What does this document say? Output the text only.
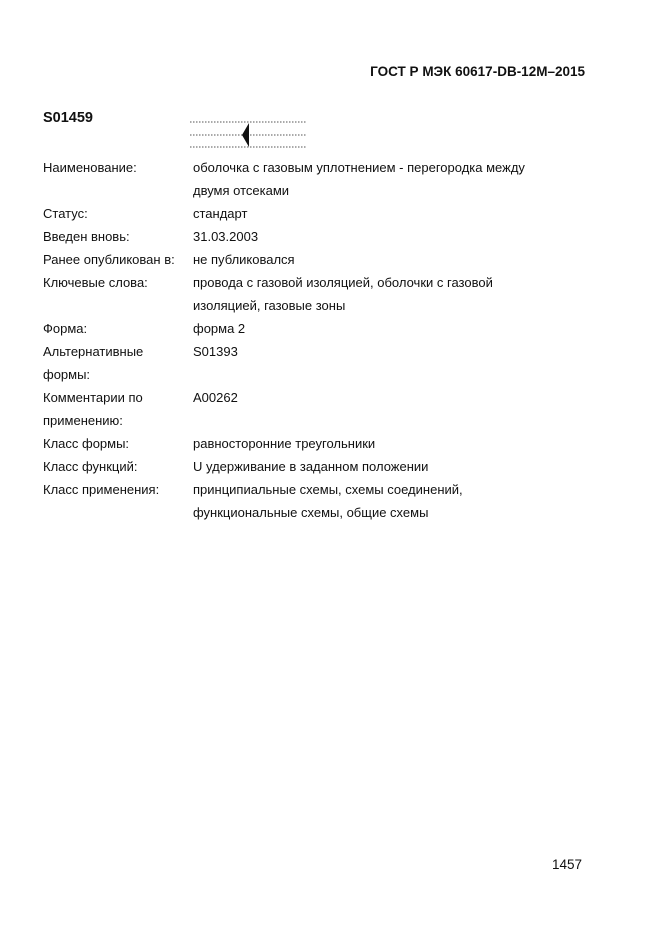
ГОСТ Р МЭК 60617-DB-12M–2015
S01459
Наименование:	оболочка с газовым уплотнением - перегородка между двумя отсеками
Статус:	стандарт
Введен вновь:	31.03.2003
Ранее опубликован в:	не публиковался
Ключевые слова:	провода с газовой изоляцией, оболочки с газовой изоляцией, газовые зоны
Форма:	форма 2
Альтернативные формы:
S01393
Комментарии по применению:
A00262
Класс формы:	равносторонние треугольники
Класс функций:	U удерживание в заданном положении
Класс применения:	принципиальные схемы, схемы соединений, функциональные схемы, общие схемы
1457
